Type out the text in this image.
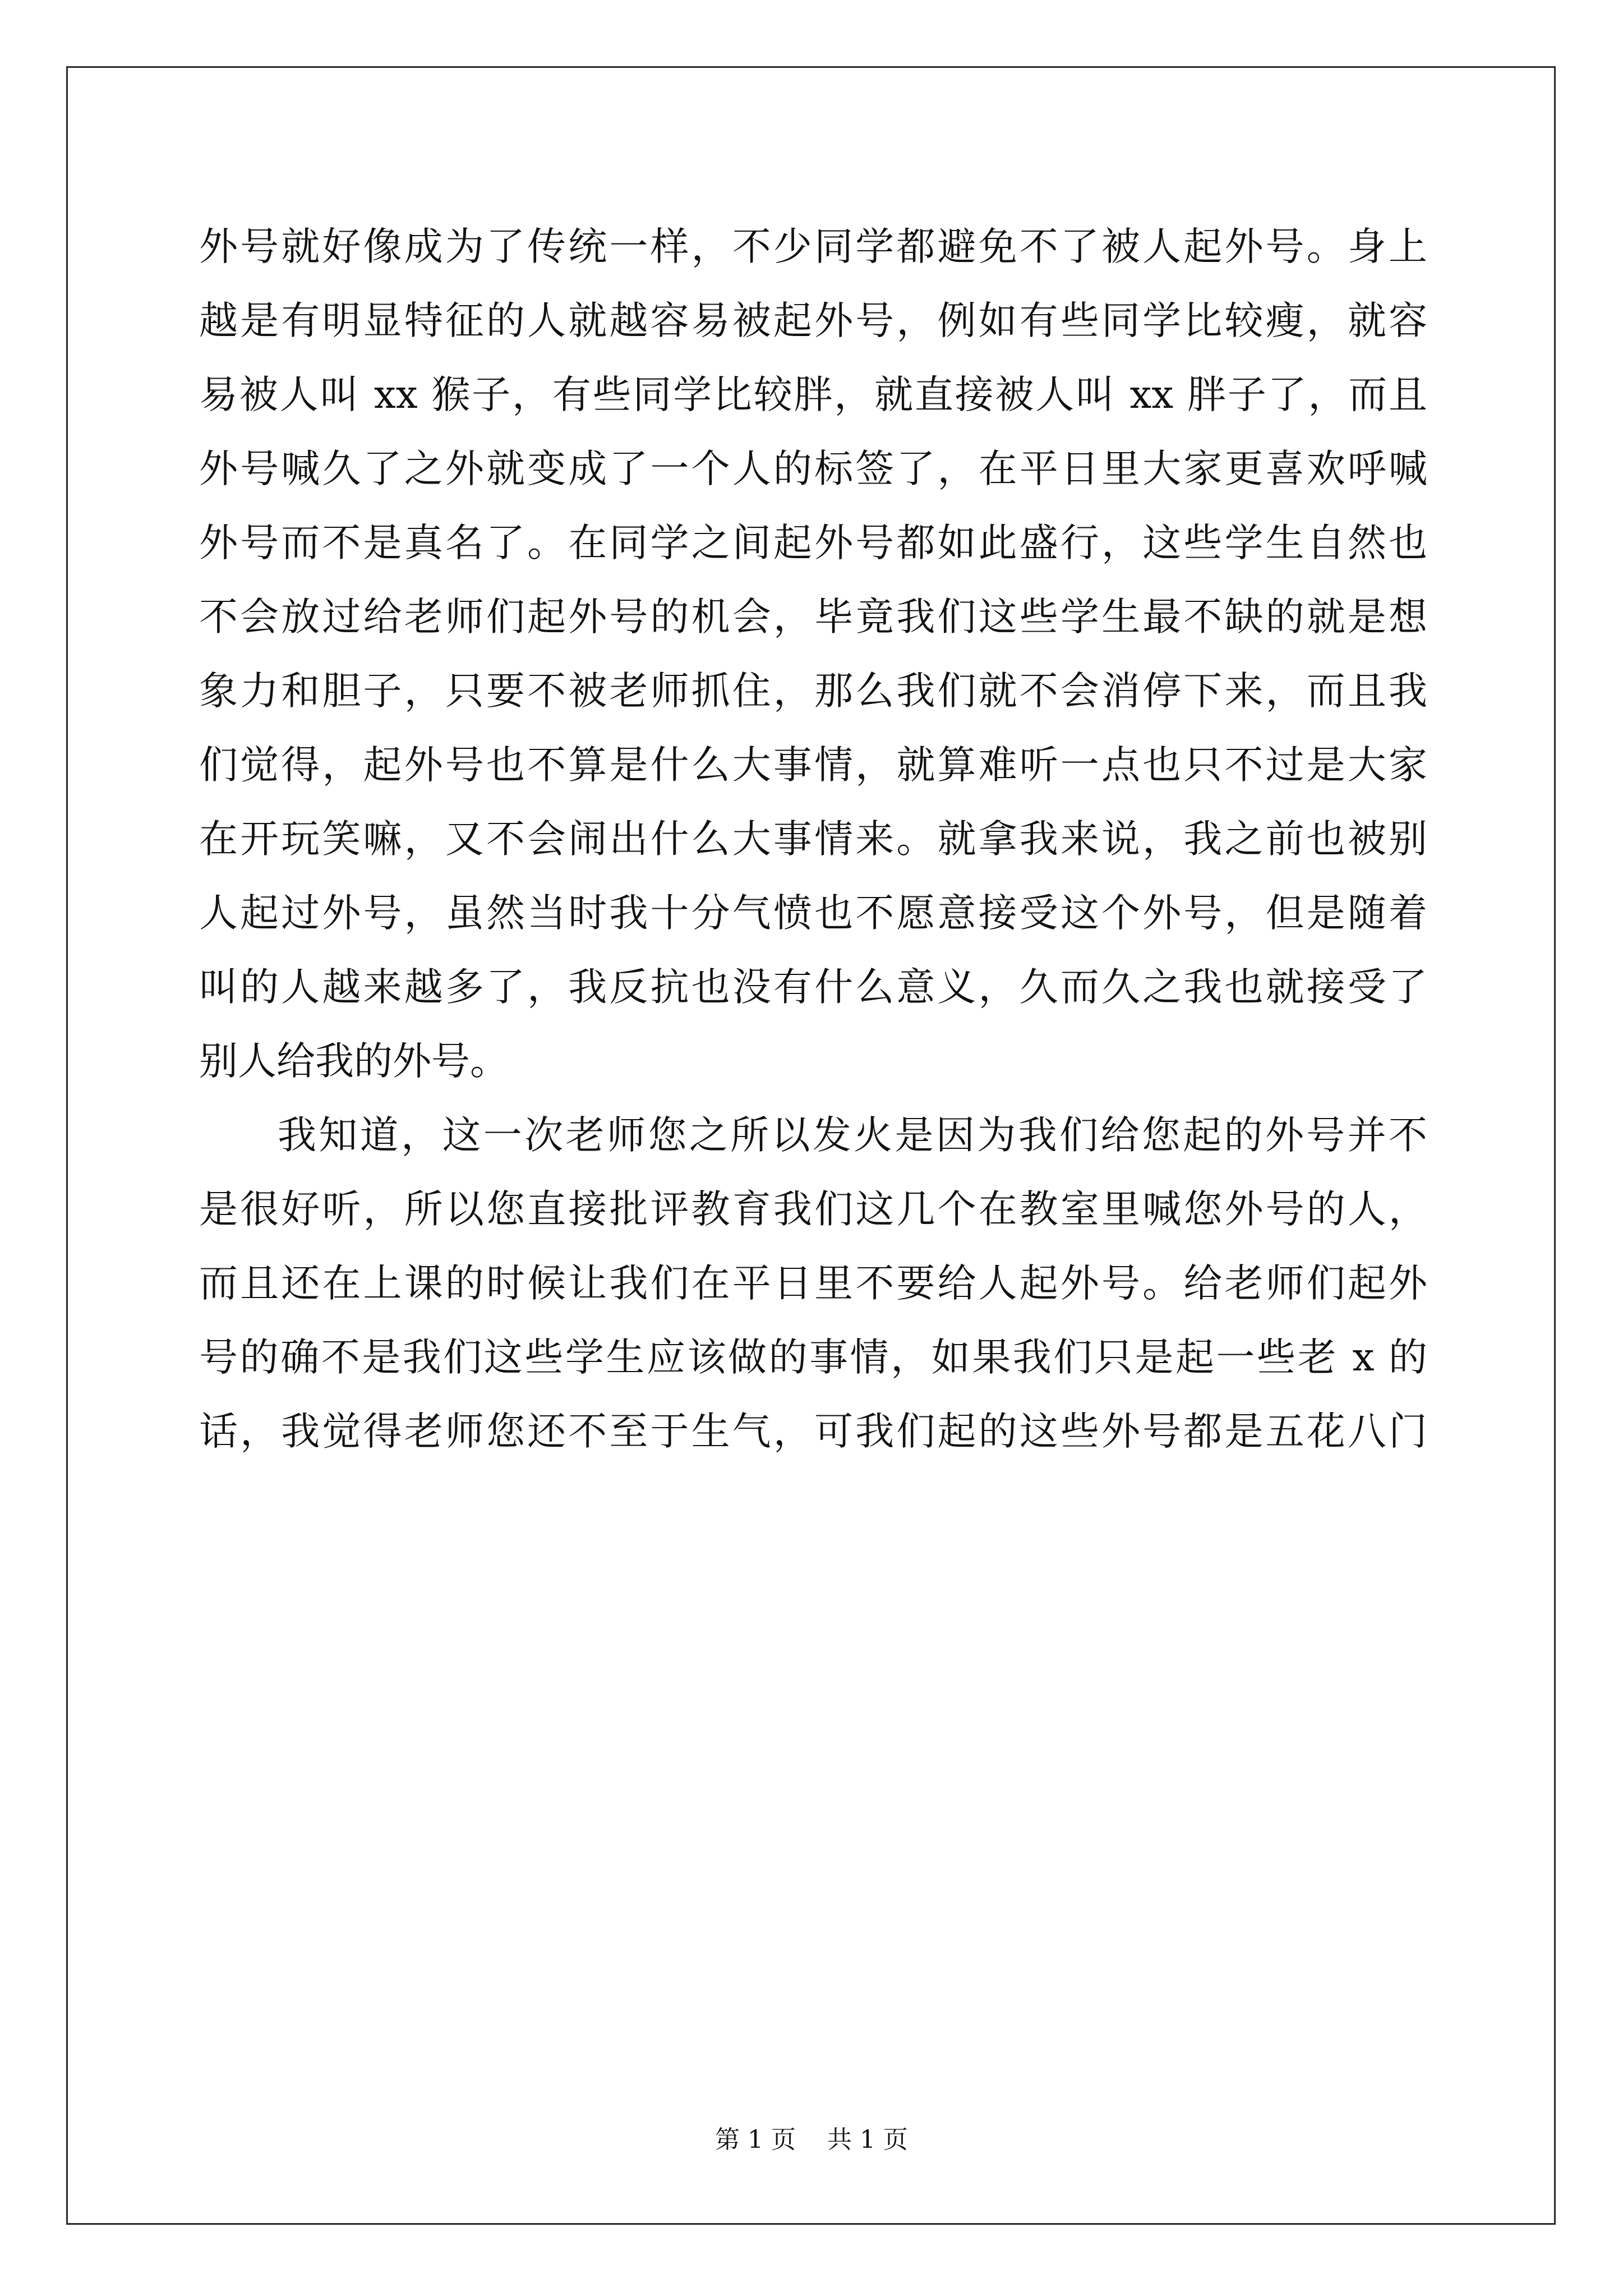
外号就好像成为了传统一样，不少同学都避免不了被人起外号。身上
越是有明显特征的人就越容易被起外号，例如有些同学比较瘦，就容
易被人叫 xx 猴子，有些同学比较胖，就直接被人叫 xx 胖子了，而且
外号喊久了之外就变成了一个人的标签了，在平日里大家更喜欢呼喊
外号而不是真名了。在同学之间起外号都如此盛行，这些学生自然也
不会放过给老师们起外号的机会，毕竟我们这些学生最不缺的就是想
象力和胆子，只要不被老师抓住，那么我们就不会消停下来，而且我
们觉得，起外号也不算是什么大事情，就算难听一点也只不过是大家
在开玩笑嘛，又不会闹出什么大事情来。就拿我来说，我之前也被别
人起过外号，虽然当时我十分气愤也不愿意接受这个外号，但是随着
叫的人越来越多了，我反抗也没有什么意义，久而久之我也就接受了
别人给我的外号。
我知道，这一次老师您之所以发火是因为我们给您起的外号并不
是很好听，所以您直接批评教育我们这几个在教室里喊您外号的人，
而且还在上课的时候让我们在平日里不要给人起外号。给老师们起外
号的确不是我们这些学生应该做的事情，如果我们只是起一些老 x 的
话，我觉得老师您还不至于生气，可我们起的这些外号都是五花八门
第 1 页    共 1 页
